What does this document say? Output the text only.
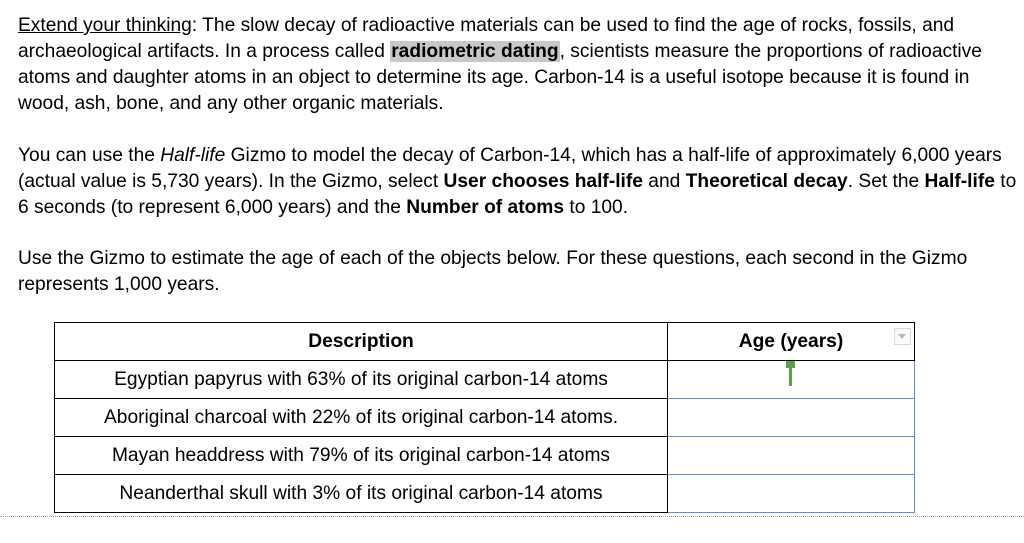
Extend your thinking: The slow decay of radioactive materials can be used to find the age of rocks, fossils, and archaeological artifacts. In a process called radiometric dating, scientists measure the proportions of radioactive atoms and daughter atoms in an object to determine its age. Carbon-14 is a useful isotope because it is found in wood, ash, bone, and any other organic materials.

You can use the Half-life Gizmo to model the decay of Carbon-14, which has a half-life of approximately 6,000 years (actual value is 5,730 years). In the Gizmo, select User chooses half-life and Theoretical decay. Set the Half-life to 6 seconds (to represent 6,000 years) and the Number of atoms to 100.

Use the Gizmo to estimate the age of each of the objects below. For these questions, each second in the Gizmo represents 1,000 years.

Description	Age (years)

Egyptian papyrus with 63% of its original carbon-14 atoms	

Aboriginal charcoal with 22% of its original carbon-14 atoms.	
Mayan headdress with 79% of its original carbon-14 atoms	
Neanderthal skull with 3% of its original carbon-14 atoms	
